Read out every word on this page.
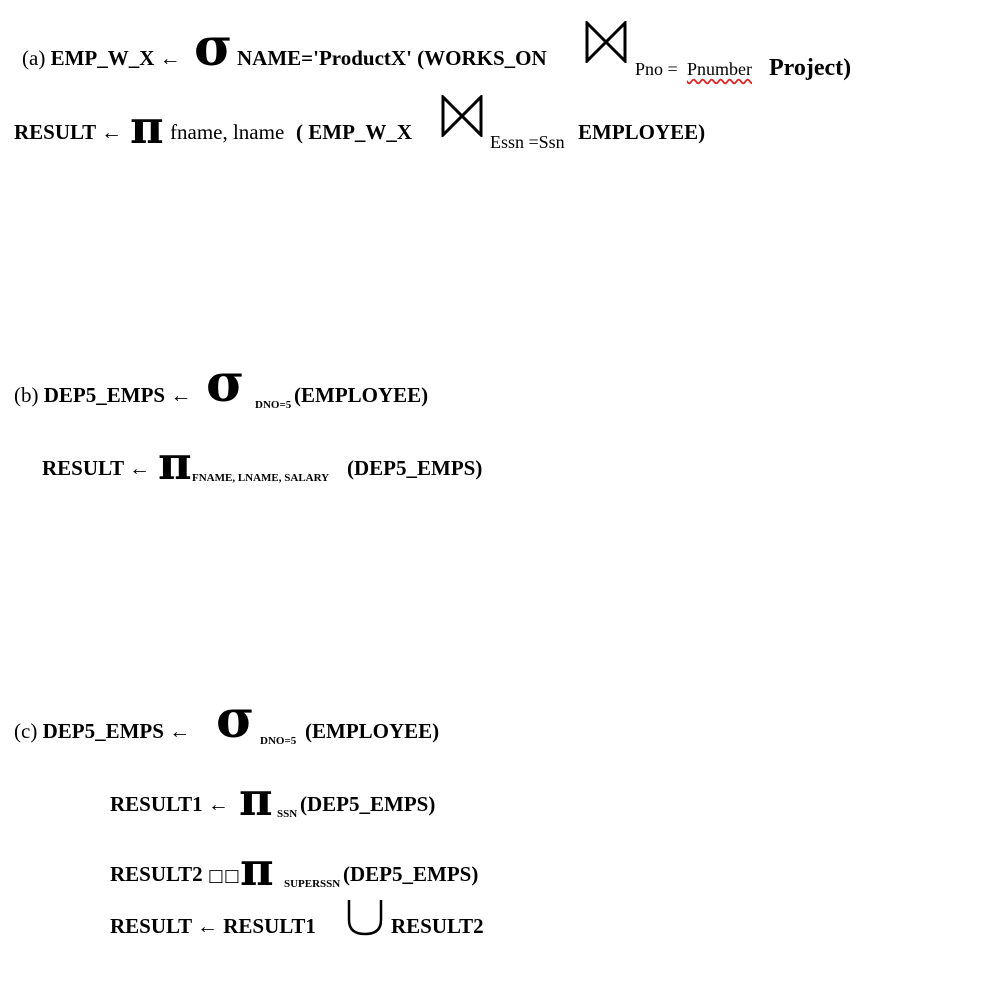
(a) EMP_W_X ← σ NAME='ProductX' (WORKS_ON	Pno = Pnumber Project)
RESULT ← π fname, lname ( EMP_W_X	Essn =Ssn EMPLOYEE)
(b) DEP5_EMPS ← σ DNO=5 (EMPLOYEE)
RESULT ← π FNAME, LNAME, SALARY (DEP5_EMPS)
(c) DEP5_EMPS ← σ DNO=5 (EMPLOYEE)
RESULT1 ← π SSN (DEP5_EMPS)
RESULT2 □□ π SUPERSSN (DEP5_EMPS)
RESULT ← RESULT1	RESULT2
